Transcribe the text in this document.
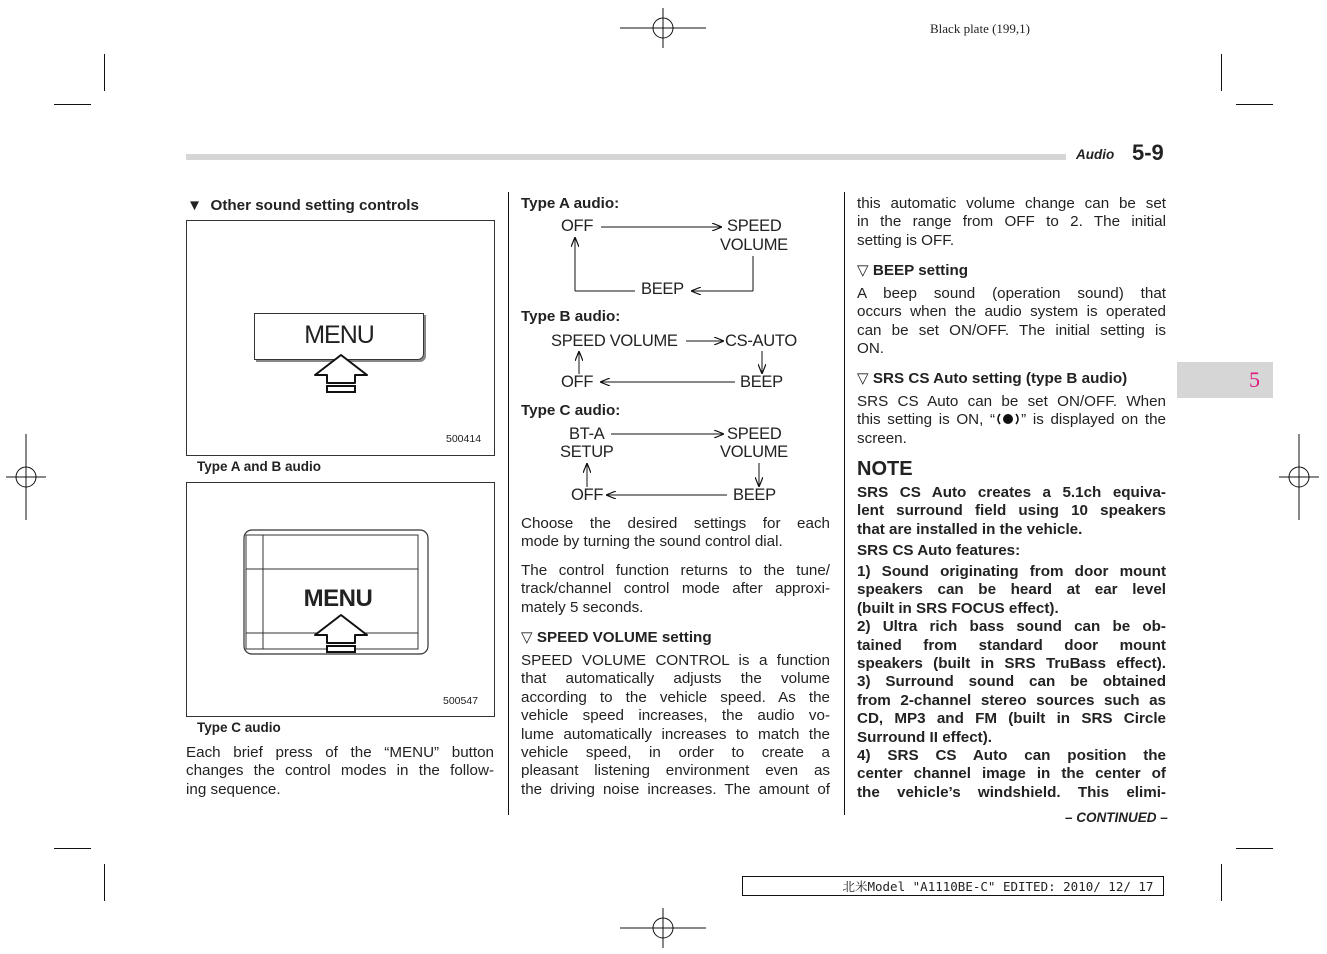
Black plate (199,1)
Audio 5-9
5
▼ Other sound setting controls
MENU
500414
Type A and B audio
MENU
500547
Type C audio

Each brief press of the “MENU” button

changes the control modes in the follow-

ing sequence.

Type A audio:
OFF	SPEED
VOLUME
BEEP
Type B audio:
SPEED VOLUME	CS-AUTO
OFF	BEEP
Type C audio:
BT-A
SETUP
SPEED
VOLUME
OFF	BEEP

Choose the desired settings for each

mode by turning the sound control dial.

The control function returns to the tune/

track/channel control mode after approxi-

mately 5 seconds.

▽ SPEED VOLUME setting

SPEED VOLUME CONTROL is a function

that automatically adjusts the volume

according to the vehicle speed. As the

vehicle speed increases, the audio vo-

lume automatically increases to match the

vehicle speed, in order to create a

pleasant listening environment even as

the driving noise increases. The amount of

this automatic volume change can be set

in the range from OFF to 2. The initial

setting is OFF.

▽ BEEP setting

A beep sound (operation sound) that

occurs when the audio system is operated

can be set ON/OFF. The initial setting is

ON.

▽ SRS CS Auto setting (type B audio)

SRS CS Auto can be set ON/OFF. When

this setting is ON, “ ” is displayed on the

screen.

NOTE

SRS CS Auto creates a 5.1ch equiva-

lent surround field using 10 speakers

that are installed in the vehicle.

SRS CS Auto features:

1) Sound originating from door mount

speakers can be heard at ear level

(built in SRS FOCUS effect).

2) Ultra rich bass sound can be ob-

tained from standard door mount

speakers (built in SRS TruBass effect).

3) Surround sound can be obtained

from 2-channel stereo sources such as

CD, MP3 and FM (built in SRS Circle

Surround II effect).

4) SRS CS Auto can position the

center channel image in the center of

the vehicle’s windshield. This elimi-

– CONTINUED –
北米Model "A1110BE-C" EDITED: 2010/ 12/ 17
